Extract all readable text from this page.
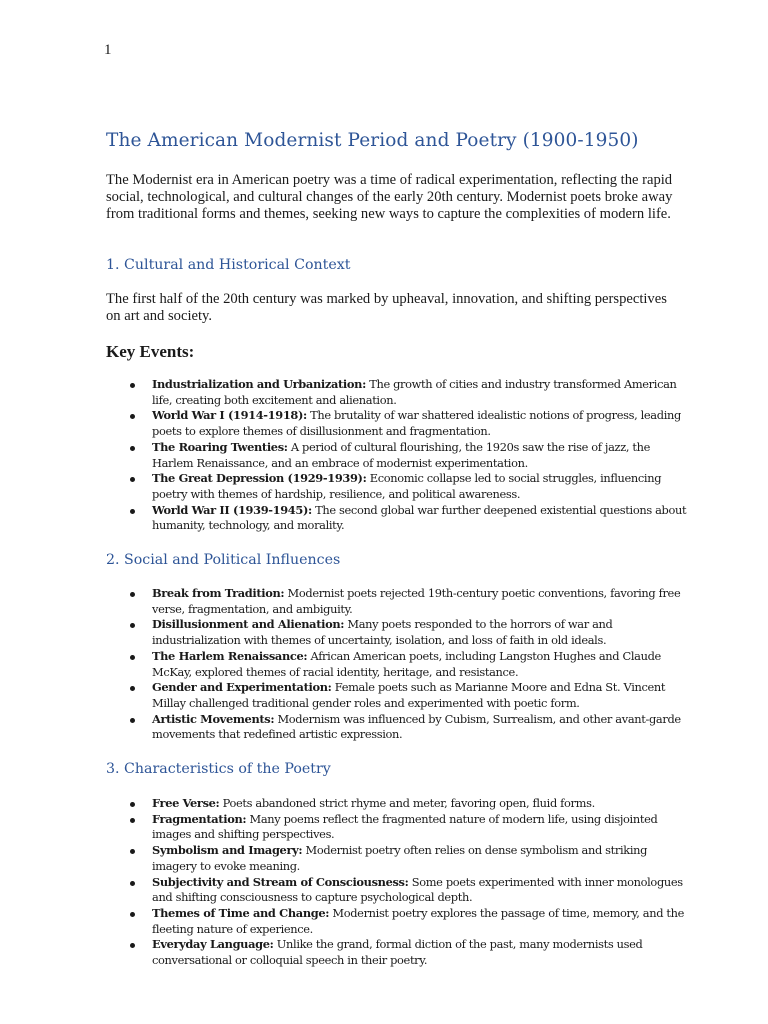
1
The American Modernist Period and Poetry (1900-1950)

The Modernist era in American poetry was a time of radical experimentation, reflecting the rapid social, technological, and cultural changes of the early 20th century. Modernist poets broke away from traditional forms and themes, seeking new ways to capture the complexities of modern life.

1. Cultural and Historical Context

The first half of the 20th century was marked by upheaval, innovation, and shifting perspectives on art and society.

Key Events:
Industrialization and Urbanization: The growth of cities and industry transformed American life, creating both excitement and alienation.
World War I (1914-1918): The brutality of war shattered idealistic notions of progress, leading poets to explore themes of disillusionment and fragmentation.
The Roaring Twenties: A period of cultural flourishing, the 1920s saw the rise of jazz, the Harlem Renaissance, and an embrace of modernist experimentation.
The Great Depression (1929-1939): Economic collapse led to social struggles, influencing poetry with themes of hardship, resilience, and political awareness.
World War II (1939-1945): The second global war further deepened existential questions about humanity, technology, and morality.
2. Social and Political Influences
Break from Tradition: Modernist poets rejected 19th-century poetic conventions, favoring free verse, fragmentation, and ambiguity.
Disillusionment and Alienation: Many poets responded to the horrors of war and industrialization with themes of uncertainty, isolation, and loss of faith in old ideals.
The Harlem Renaissance: African American poets, including Langston Hughes and Claude McKay, explored themes of racial identity, heritage, and resistance.
Gender and Experimentation: Female poets such as Marianne Moore and Edna St. Vincent Millay challenged traditional gender roles and experimented with poetic form.
Artistic Movements: Modernism was influenced by Cubism, Surrealism, and other avant-garde movements that redefined artistic expression.
3. Characteristics of the Poetry
Free Verse: Poets abandoned strict rhyme and meter, favoring open, fluid forms.
Fragmentation: Many poems reflect the fragmented nature of modern life, using disjointed images and shifting perspectives.
Symbolism and Imagery: Modernist poetry often relies on dense symbolism and striking imagery to evoke meaning.
Subjectivity and Stream of Consciousness: Some poets experimented with inner monologues and shifting consciousness to capture psychological depth.
Themes of Time and Change: Modernist poetry explores the passage of time, memory, and the fleeting nature of experience.
Everyday Language: Unlike the grand, formal diction of the past, many modernists used conversational or colloquial speech in their poetry.
